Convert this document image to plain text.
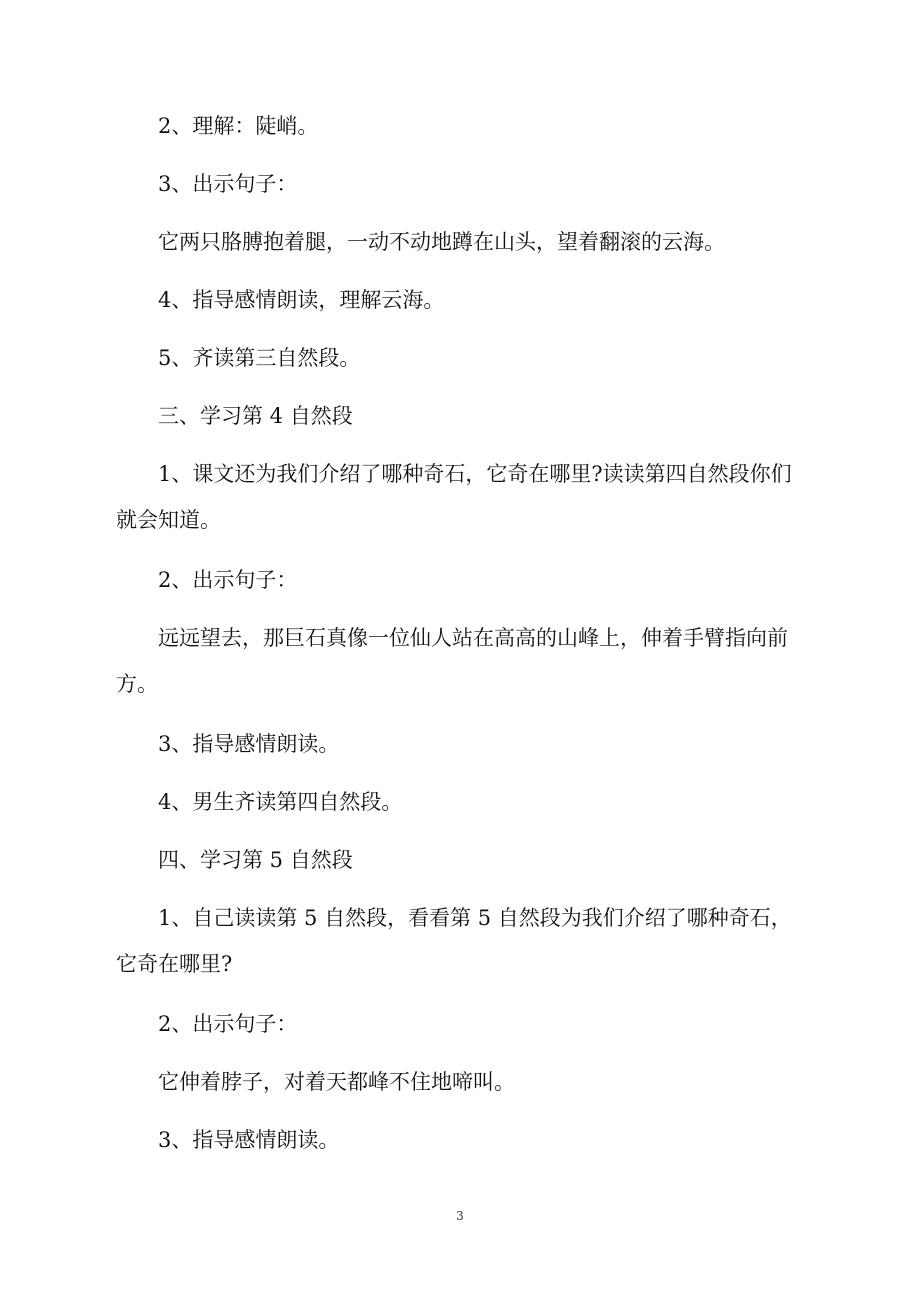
2、理解：陡峭。

3、出示句子：

它两只胳膊抱着腿，一动不动地蹲在山头，望着翻滚的云海。

4、指导感情朗读，理解云海。

5、齐读第三自然段。

三、学习第 4 自然段

1、课文还为我们介绍了哪种奇石，它奇在哪里?读读第四自然段你们就会知道。

2、出示句子：

远远望去，那巨石真像一位仙人站在高高的山峰上，伸着手臂指向前方。

3、指导感情朗读。

4、男生齐读第四自然段。

四、学习第 5 自然段

1、自己读读第 5 自然段，看看第 5 自然段为我们介绍了哪种奇石，它奇在哪里?

2、出示句子：

它伸着脖子，对着天都峰不住地啼叫。

3、指导感情朗读。

3
